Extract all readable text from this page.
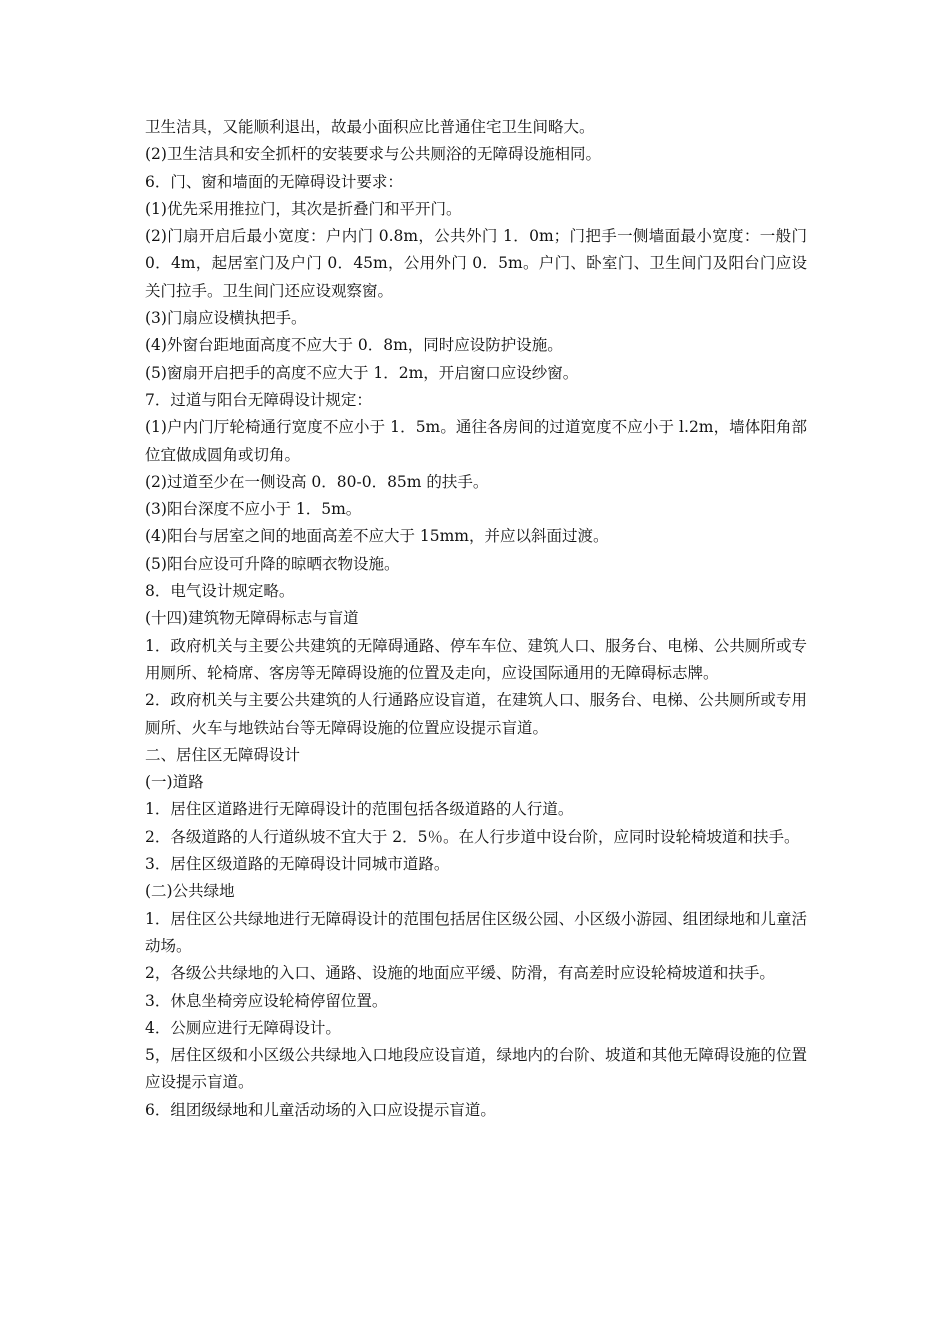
卫生洁具，又能顺利退出，故最小面积应比普通住宅卫生间略大。

(2)卫生洁具和安全抓杆的安装要求与公共厕浴的无障碍设施相同。

6．门、窗和墙面的无障碍设计要求：

(1)优先采用推拉门，其次是折叠门和平开门。

(2)门扇开启后最小宽度：户内门 0.8m，公共外门 1．0m；门把手一侧墙面最小宽度：一般门 0．4m，起居室门及户门 0．45m，公用外门 0．5m。户门、卧室门、卫生间门及阳台门应设关门拉手。卫生间门还应设观察窗。

(3)门扇应设横执把手。

(4)外窗台距地面高度不应大于 0．8m，同时应设防护设施。

(5)窗扇开启把手的高度不应大于 1．2m，开启窗口应设纱窗。

7．过道与阳台无障碍设计规定：

(1)户内门厅轮椅通行宽度不应小于 1．5m。通往各房间的过道宽度不应小于 l.2m，墙体阳角部位宜做成圆角或切角。

(2)过道至少在一侧设高 0．80-0．85m 的扶手。

(3)阳台深度不应小于 1．5m。

(4)阳台与居室之间的地面高差不应大于 15mm，并应以斜面过渡。

(5)阳台应设可升降的晾晒衣物设施。

8．电气设计规定略。

(十四)建筑物无障碍标志与盲道

1．政府机关与主要公共建筑的无障碍通路、停车车位、建筑人口、服务台、电梯、公共厕所或专用厕所、轮椅席、客房等无障碍设施的位置及走向，应设国际通用的无障碍标志牌。

2．政府机关与主要公共建筑的人行通路应设盲道，在建筑人口、服务台、电梯、公共厕所或专用厕所、火车与地铁站台等无障碍设施的位置应设提示盲道。

二、居住区无障碍设计

(一)道路

1．居住区道路进行无障碍设计的范围包括各级道路的人行道。

2．各级道路的人行道纵坡不宜大于 2．5％。在人行步道中设台阶，应同时设轮椅坡道和扶手。

3．居住区级道路的无障碍设计同城市道路。

(二)公共绿地

1．居住区公共绿地进行无障碍设计的范围包括居住区级公园、小区级小游园、组团绿地和儿童活动场。

2，各级公共绿地的入口、通路、设施的地面应平缓、防滑，有高差时应设轮椅坡道和扶手。

3．休息坐椅旁应设轮椅停留位置。

4．公厕应进行无障碍设计。

5，居住区级和小区级公共绿地入口地段应设盲道，绿地内的台阶、坡道和其他无障碍设施的位置应设提示盲道。

6．组团级绿地和儿童活动场的入口应设提示盲道。
